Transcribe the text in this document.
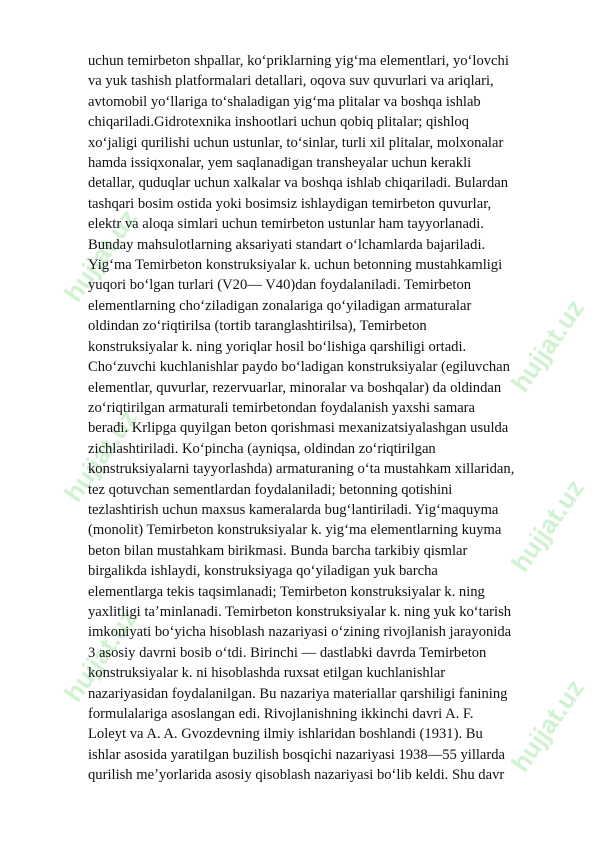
hujjat.uz
hujjat.uz
hujjat.uz
hujjat.uz
hujjat.uz
hujjat.uz
uchun temirbeton shpallar, koʻpriklarning yigʻma elementlari, yoʻlovchi
va yuk tashish platformalari detallari, oqova suv quvurlari va ariqlari,
avtomobil yoʻllariga toʻshaladigan yigʻma plitalar va boshqa ishlab
chiqariladi.Gidrotexnika inshootlari uchun qobiq plitalar; qishloq
xoʻjaligi qurilishi uchun ustunlar, toʻsinlar, turli xil plitalar, molxonalar
hamda issiqxonalar, yem saqlanadigan transheyalar uchun kerakli
detallar, quduqlar uchun xalkalar va boshqa ishlab chiqariladi. Bulardan
tashqari bosim ostida yoki bosimsiz ishlaydigan temirbeton quvurlar,
elektr va aloqa simlari uchun temirbeton ustunlar ham tayyorlanadi.
Bunday mahsulotlarning aksariyati standart oʻlchamlarda bajariladi.
Yigʻma Temirbeton konstruksiyalar k. uchun betonning mustahkamligi
yuqori boʻlgan turlari (V20— V40)dan foydalaniladi. Temirbeton
elementlarning choʻziladigan zonalariga qoʻyiladigan armaturalar
oldindan zoʻriqtirilsa (tortib taranglashtirilsa), Temirbeton
konstruksiyalar k. ning yoriqlar hosil boʻlishiga qarshiligi ortadi.
Choʻzuvchi kuchlanishlar paydo boʻladigan konstruksiyalar (egiluvchan
elementlar, quvurlar, rezervuarlar, minoralar va boshqalar) da oldindan
zoʻriqtirilgan armaturali temirbetondan foydalanish yaxshi samara
beradi. Krlipga quyilgan beton qorishmasi mexanizatsiyalashgan usulda
zichlashtiriladi. Koʻpincha (ayniqsa, oldindan zoʻriqtirilgan
konstruksiyalarni tayyorlashda) armaturaning oʻta mustahkam xillaridan,
tez qotuvchan sementlardan foydalaniladi; betonning qotishini
tezlashtirish uchun maxsus kameralarda bugʻlantiriladi. Yigʻmaquyma
(monolit) Temirbeton konstruksiyalar k. yigʻma elementlarning kuyma
beton bilan mustahkam birikmasi. Bunda barcha tarkibiy qismlar
birgalikda ishlaydi, konstruksiyaga qoʻyiladigan yuk barcha
elementlarga tekis taqsimlanadi; Temirbeton konstruksiyalar k. ning
yaxlitligi taʼminlanadi. Temirbeton konstruksiyalar k. ning yuk koʻtarish
imkoniyati boʻyicha hisoblash nazariyasi oʻzining rivojlanish jarayonida
3 asosiy davrni bosib oʻtdi. Birinchi — dastlabki davrda Temirbeton
konstruksiyalar k. ni hisoblashda ruxsat etilgan kuchlanishlar
nazariyasidan foydalanilgan. Bu nazariya materiallar qarshiligi fanining
formulalariga asoslangan edi. Rivojlanishning ikkinchi davri A. F.
Loleyt va A. A. Gvozdevning ilmiy ishlaridan boshlandi (1931). Bu
ishlar asosida yaratilgan buzilish bosqichi nazariyasi 1938—55 yillarda
qurilish meʼyorlarida asosiy qisoblash nazariyasi boʻlib keldi. Shu davr
